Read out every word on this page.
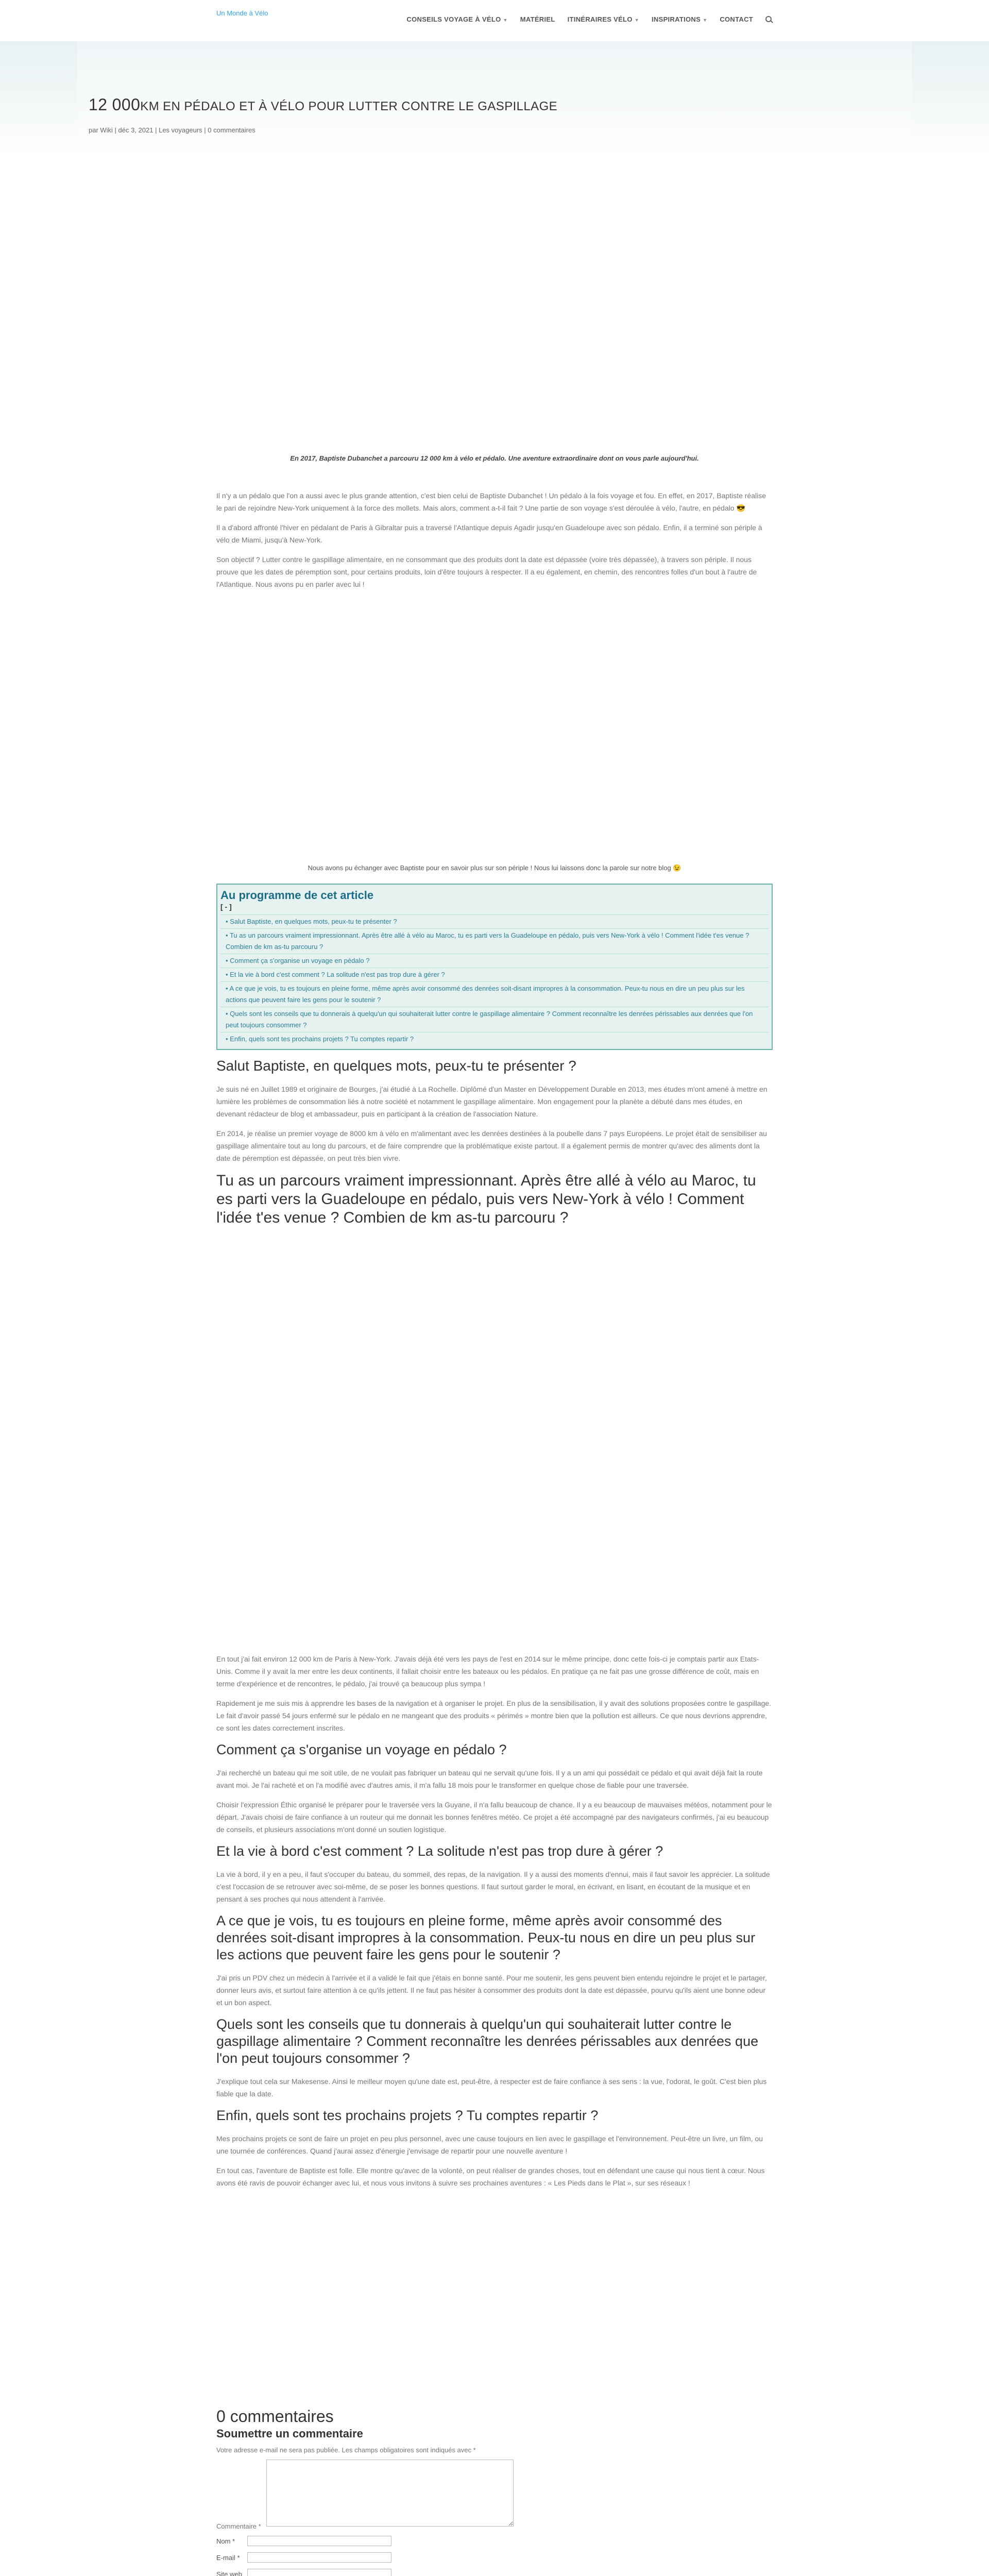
Un Monde à Vélo
CONSEILS VOYAGE À VÉLO ▼ MATÉRIEL ITINÉRAIRES VÉLO ▼ INSPIRATIONS ▼ CONTACT
12 000KM EN PÉDALO ET À VÉLO POUR LUTTER CONTRE LE GASPILLAGE
par Wiki | déc 3, 2021 | Les voyageurs | 0 commentaires

En 2017, Baptiste Dubanchet a parcouru 12 000 km à vélo et pédalo. Une aventure extraordinaire dont on vous parle aujourd'hui.

Il n'y a un pédalo que l'on a aussi avec le plus grande attention, c'est bien celui de Baptiste Dubanchet ! Un pédalo à la fois voyage et fou. En effet, en 2017, Baptiste réalise le pari de rejoindre New-York uniquement à la force des mollets. Mais alors, comment a-t-il fait ? Une partie de son voyage s'est déroulée à vélo, l'autre, en pédalo 😎

Il a d'abord affronté l'hiver en pédalant de Paris à Gibraltar puis a traversé l'Atlantique depuis Agadir jusqu'en Guadeloupe avec son pédalo. Enfin, il a terminé son périple à vélo de Miami, jusqu'à New-York.

Son objectif ? Lutter contre le gaspillage alimentaire, en ne consommant que des produits dont la date est dépassée (voire très dépassée), à travers son périple. Il nous prouve que les dates de péremption sont, pour certains produits, loin d'être toujours à respecter. Il a eu également, en chemin, des rencontres folles d'un bout à l'autre de l'Atlantique. Nous avons pu en parler avec lui !

Nous avons pu échanger avec Baptiste pour en savoir plus sur son périple ! Nous lui laissons donc la parole sur notre blog 😉

Au programme de cet article
[ - ]
• Salut Baptiste, en quelques mots, peux-tu te présenter ?
• Tu as un parcours vraiment impressionnant. Après être allé à vélo au Maroc, tu es parti vers la Guadeloupe en pédalo, puis vers New-York à vélo ! Comment l'idée t'es venue ? Combien de km as-tu parcouru ?
• Comment ça s'organise un voyage en pédalo ?
• Et la vie à bord c'est comment ? La solitude n'est pas trop dure à gérer ?
• A ce que je vois, tu es toujours en pleine forme, même après avoir consommé des denrées soit-disant impropres à la consommation. Peux-tu nous en dire un peu plus sur les actions que peuvent faire les gens pour le soutenir ?
• Quels sont les conseils que tu donnerais à quelqu'un qui souhaiterait lutter contre le gaspillage alimentaire ? Comment reconnaître les denrées périssables aux denrées que l'on peut toujours consommer ?
• Enfin, quels sont tes prochains projets ? Tu comptes repartir ?
Salut Baptiste, en quelques mots, peux-tu te présenter ?

Je suis né en Juillet 1989 et originaire de Bourges, j'ai étudié à La Rochelle. Diplômé d'un Master en Développement Durable en 2013, mes études m'ont amené à mettre en lumière les problèmes de consommation liés à notre société et notamment le gaspillage alimentaire. Mon engagement pour la planète a débuté dans mes études, en devenant rédacteur de blog et ambassadeur, puis en participant à la création de l'association Nature.

En 2014, je réalise un premier voyage de 8000 km à vélo en m'alimentant avec les denrées destinées à la poubelle dans 7 pays Européens. Le projet était de sensibiliser au gaspillage alimentaire tout au long du parcours, et de faire comprendre que la problématique existe partout. Il a également permis de montrer qu'avec des aliments dont la date de péremption est dépassée, on peut très bien vivre.

Tu as un parcours vraiment impressionnant. Après être allé à vélo au Maroc, tu es parti vers la Guadeloupe en pédalo, puis vers New-York à vélo ! Comment l'idée t'es venue ? Combien de km as-tu parcouru ?

En tout j'ai fait environ 12 000 km de Paris à New-York. J'avais déjà été vers les pays de l'est en 2014 sur le même principe, donc cette fois-ci je comptais partir aux Etats-Unis. Comme il y avait la mer entre les deux continents, il fallait choisir entre les bateaux ou les pédalos. En pratique ça ne fait pas une grosse différence de coût, mais en terme d'expérience et de rencontres, le pédalo, j'ai trouvé ça beaucoup plus sympa !

Rapidement je me suis mis à apprendre les bases de la navigation et à organiser le projet. En plus de la sensibilisation, il y avait des solutions proposées contre le gaspillage. Le fait d'avoir passé 54 jours enfermé sur le pédalo en ne mangeant que des produits « périmés » montre bien que la pollution est ailleurs. Ce que nous devrions apprendre, ce sont les dates correctement inscrites.

Comment ça s'organise un voyage en pédalo ?

J'ai recherché un bateau qui me soit utile, de ne voulait pas fabriquer un bateau qui ne servait qu'une fois. Il y a un ami qui possédait ce pédalo et qui avait déjà fait la route avant moi. Je l'ai racheté et on l'a modifié avec d'autres amis, il m'a fallu 18 mois pour le transformer en quelque chose de fiable pour une traversée.

Choisir l'expression Éthic organisé le préparer pour le traversée vers la Guyane, il n'a fallu beaucoup de chance. Il y a eu beaucoup de mauvaises météos, notamment pour le départ. J'avais choisi de faire confiance à un routeur qui me donnait les bonnes fenêtres météo. Ce projet a été accompagné par des navigateurs confirmés, j'ai eu beaucoup de conseils, et plusieurs associations m'ont donné un soutien logistique.

Et la vie à bord c'est comment ? La solitude n'est pas trop dure à gérer ?

La vie à bord, il y en a peu, il faut s'occuper du bateau, du sommeil, des repas, de la navigation. Il y a aussi des moments d'ennui, mais il faut savoir les apprécier. La solitude c'est l'occasion de se retrouver avec soi-même, de se poser les bonnes questions. Il faut surtout garder le moral, en écrivant, en lisant, en écoutant de la musique et en pensant à ses proches qui nous attendent à l'arrivée.

A ce que je vois, tu es toujours en pleine forme, même après avoir consommé des denrées soit-disant impropres à la consommation. Peux-tu nous en dire un peu plus sur les actions que peuvent faire les gens pour le soutenir ?

J'ai pris un PDV chez un médecin à l'arrivée et il a validé le fait que j'étais en bonne santé. Pour me soutenir, les gens peuvent bien entendu rejoindre le projet et le partager, donner leurs avis, et surtout faire attention à ce qu'ils jettent. Il ne faut pas hésiter à consommer des produits dont la date est dépassée, pourvu qu'ils aient une bonne odeur et un bon aspect.

Quels sont les conseils que tu donnerais à quelqu'un qui souhaiterait lutter contre le gaspillage alimentaire ? Comment reconnaître les denrées périssables aux denrées que l'on peut toujours consommer ?

J'explique tout cela sur Makesense. Ainsi le meilleur moyen qu'une date est, peut-être, à respecter est de faire confiance à ses sens : la vue, l'odorat, le goût. C'est bien plus fiable que la date.

Enfin, quels sont tes prochains projets ? Tu comptes repartir ?

Mes prochains projets ce sont de faire un projet en peu plus personnel, avec une cause toujours en lien avec le gaspillage et l'environnement. Peut-être un livre, un film, ou une tournée de conférences. Quand j'aurai assez d'énergie j'envisage de repartir pour une nouvelle aventure !

En tout cas, l'aventure de Baptiste est folle. Elle montre qu'avec de la volonté, on peut réaliser de grandes choses, tout en défendant une cause qui nous tient à cœur. Nous avons été ravis de pouvoir échanger avec lui, et nous vous invitons à suivre ses prochaines aventures : « Les Pieds dans le Plat », sur ses réseaux !

0 commentaires
Soumettre un commentaire

Votre adresse e-mail ne sera pas publiée. Les champs obligatoires sont indiqués avec *

Commentaire *
Nom *
E-mail *
Site web
